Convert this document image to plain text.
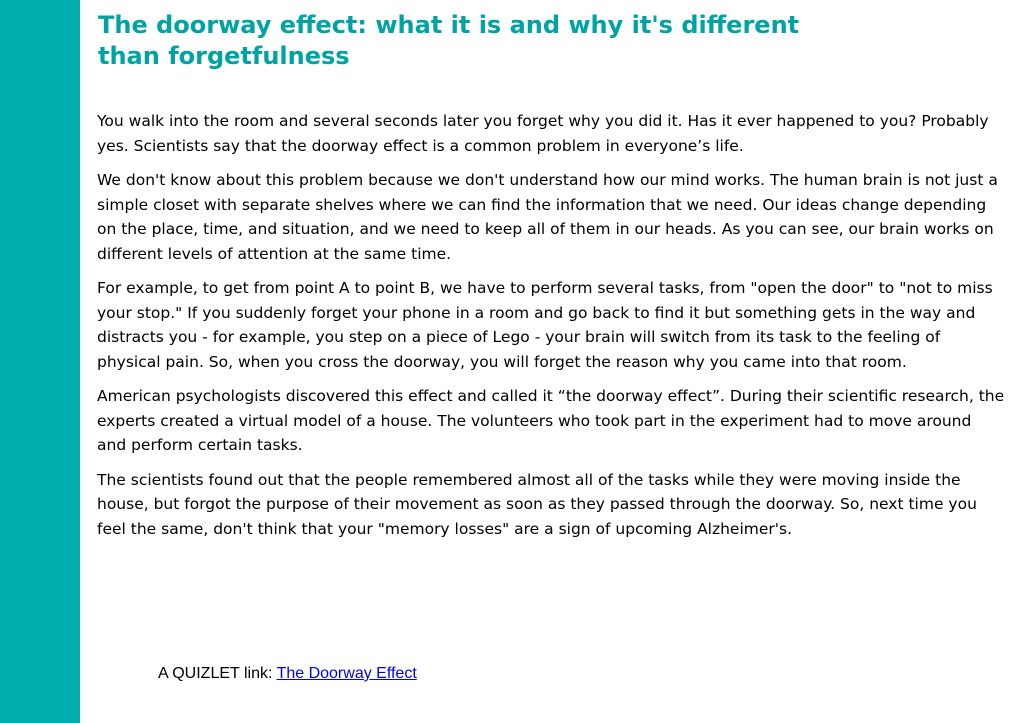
The doorway effect: what it is and why it's different than forgetfulness

You walk into the room and several seconds later you forget why you did it. Has it ever happened to you? Probably yes. Scientists say that the doorway effect is a common problem in everyone’s life.

We don't know about this problem because we don't understand how our mind works. The human brain is not just a simple closet with separate shelves where we can find the information that we need. Our ideas change depending on the place, time, and situation, and we need to keep all of them in our heads. As you can see, our brain works on different levels of attention at the same time.

For example, to get from point A to point B, we have to perform several tasks, from "open the door" to "not to miss your stop." If you suddenly forget your phone in a room and go back to find it but something gets in the way and distracts you - for example, you step on a piece of Lego - your brain will switch from its task to the feeling of physical pain. So, when you cross the doorway, you will forget the reason why you came into that room.

American psychologists discovered this effect and called it “the doorway effect”. During their scientific research, the experts created a virtual model of a house. The volunteers who took part in the experiment had to move around and perform certain tasks.

The scientists found out that the people remembered almost all of the tasks while they were moving inside the house, but forgot the purpose of their movement as soon as they passed through the doorway. So, next time you feel the same, don't think that your "memory losses" are a sign of upcoming Alzheimer's.

A QUIZLET link: The Doorway Effect
